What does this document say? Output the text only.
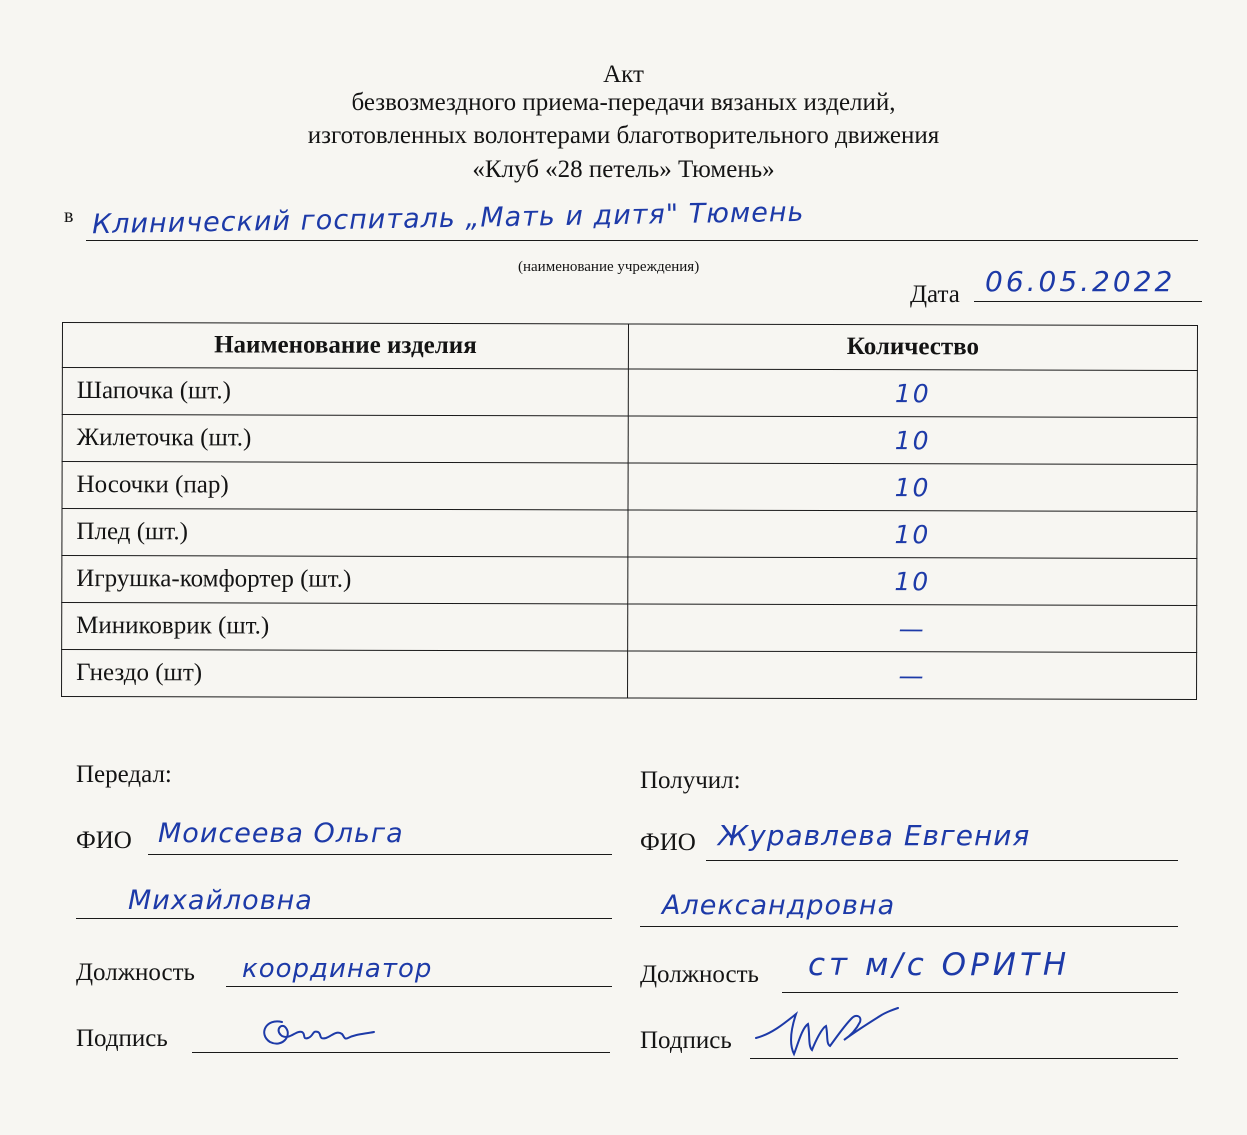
Акт
безвозмездного приема-передачи вязаных изделий,
изготовленных волонтерами благотворительного движения
«Клуб «28 петель» Тюмень»
в Клинический госпиталь „Мать и дитя" Тюмень
(наименование учреждения)
Дата 06.05.2022
Наименование изделия	Количество
Шапочка (шт.)	10
Жилеточка (шт.)	10
Носочки (пар)	10
Плед (шт.)	10
Игрушка-комфортер (шт.)	10
Миниковрик (шт.)	—
Гнездо (шт)	—
Передал:
ФИО Моисеева Ольга
Михайловна
Должность координатор
Подпись
Получил:
ФИО Журавлева Евгения
Александровна
Должность ст м/с ОРИТН
Подпись
